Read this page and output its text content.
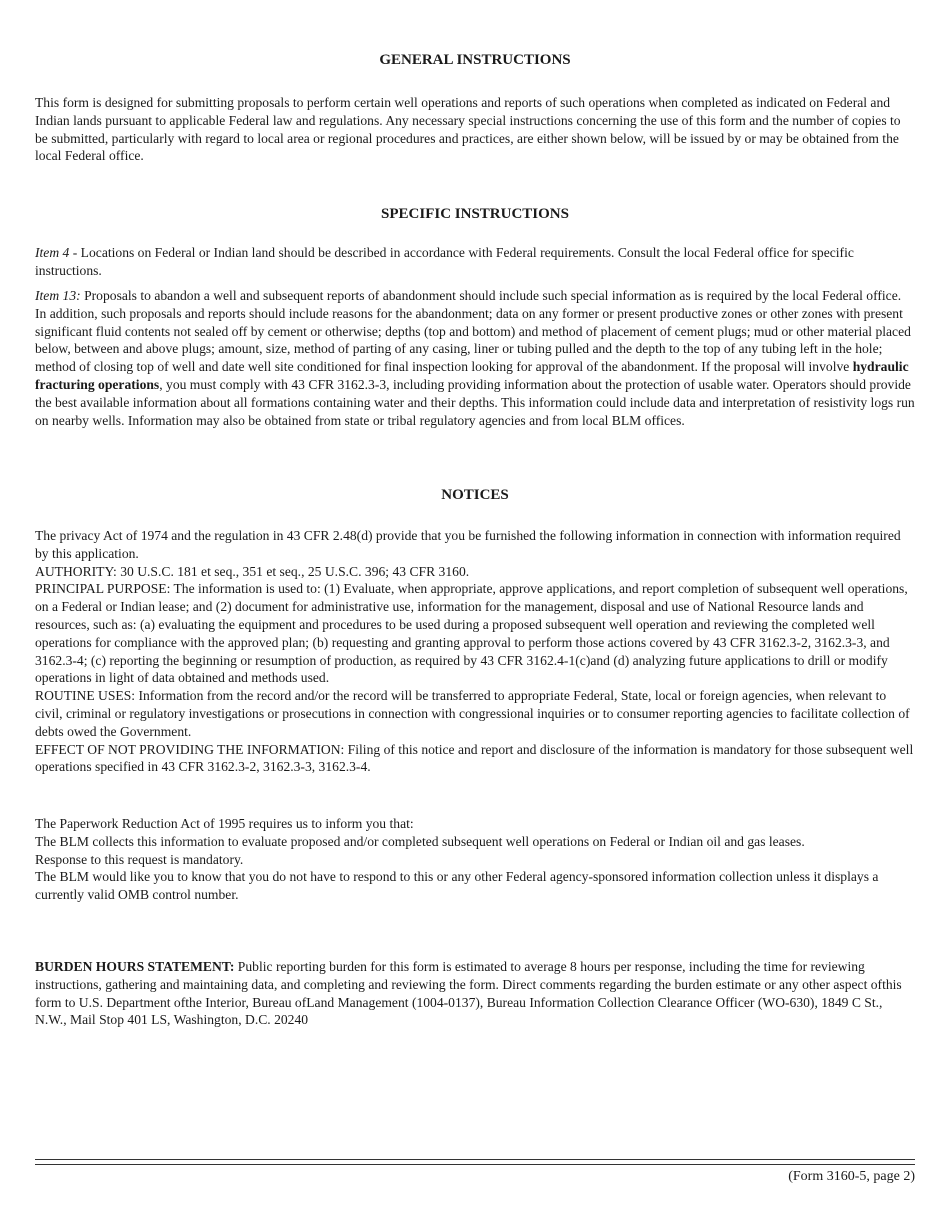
GENERAL INSTRUCTIONS

This form is designed for submitting proposals to perform certain well operations and reports of such operations when completed as indicated on Federal and Indian lands pursuant to applicable Federal law and regulations. Any necessary special instructions concerning the use of this form and the number of copies to be submitted, particularly with regard to local area or regional procedures and practices, are either shown below, will be issued by or may be obtained from the local Federal office.

SPECIFIC INSTRUCTIONS

Item 4 - Locations on Federal or Indian land should be described in accordance with Federal requirements. Consult the local Federal office for specific instructions.

Item 13: Proposals to abandon a well and subsequent reports of abandonment should include such special information as is required by the local Federal office. In addition, such proposals and reports should include reasons for the abandonment; data on any former or present productive zones or other zones with present significant fluid contents not sealed off by cement or otherwise; depths (top and bottom) and method of placement of cement plugs; mud or other material placed below, between and above plugs; amount, size, method of parting of any casing, liner or tubing pulled and the depth to the top of any tubing left in the hole; method of closing top of well and date well site conditioned for final inspection looking for approval of the abandonment. If the proposal will involve hydraulic fracturing operations, you must comply with 43 CFR 3162.3-3, including providing information about the protection of usable water. Operators should provide the best available information about all formations containing water and their depths. This information could include data and interpretation of resistivity logs run on nearby wells. Information may also be obtained from state or tribal regulatory agencies and from local BLM offices.

NOTICES

The privacy Act of 1974 and the regulation in 43 CFR 2.48(d) provide that you be furnished the following information in connection with information required by this application.

AUTHORITY: 30 U.S.C. 181 et seq., 351 et seq., 25 U.S.C. 396; 43 CFR 3160.

PRINCIPAL PURPOSE: The information is used to: (1) Evaluate, when appropriate, approve applications, and report completion of subsequent well operations, on a Federal or Indian lease; and (2) document for administrative use, information for the management, disposal and use of National Resource lands and resources, such as: (a) evaluating the equipment and procedures to be used during a proposed subsequent well operation and reviewing the completed well operations for compliance with the approved plan; (b) requesting and granting approval to perform those actions covered by 43 CFR 3162.3-2, 3162.3-3, and 3162.3-4; (c) reporting the beginning or resumption of production, as required by 43 CFR 3162.4-1(c)and (d) analyzing future applications to drill or modify operations in light of data obtained and methods used.

ROUTINE USES: Information from the record and/or the record will be transferred to appropriate Federal, State, local or foreign agencies, when relevant to civil, criminal or regulatory investigations or prosecutions in connection with congressional inquiries or to consumer reporting agencies to facilitate collection of debts owed the Government.

EFFECT OF NOT PROVIDING THE INFORMATION: Filing of this notice and report and disclosure of the information is mandatory for those subsequent well operations specified in 43 CFR 3162.3-2, 3162.3-3, 3162.3-4.

The Paperwork Reduction Act of 1995 requires us to inform you that:

The BLM collects this information to evaluate proposed and/or completed subsequent well operations on Federal or Indian oil and gas leases.

Response to this request is mandatory.

The BLM would like you to know that you do not have to respond to this or any other Federal agency-sponsored information collection unless it displays a currently valid OMB control number.

BURDEN HOURS STATEMENT: Public reporting burden for this form is estimated to average 8 hours per response, including the time for reviewing instructions, gathering and maintaining data, and completing and reviewing the form. Direct comments regarding the burden estimate or any other aspect ofthis form to U.S. Department ofthe Interior, Bureau ofLand Management (1004-0137), Bureau Information Collection Clearance Officer (WO-630), 1849 C St., N.W., Mail Stop 401 LS, Washington, D.C. 20240

(Form 3160-5, page 2)
